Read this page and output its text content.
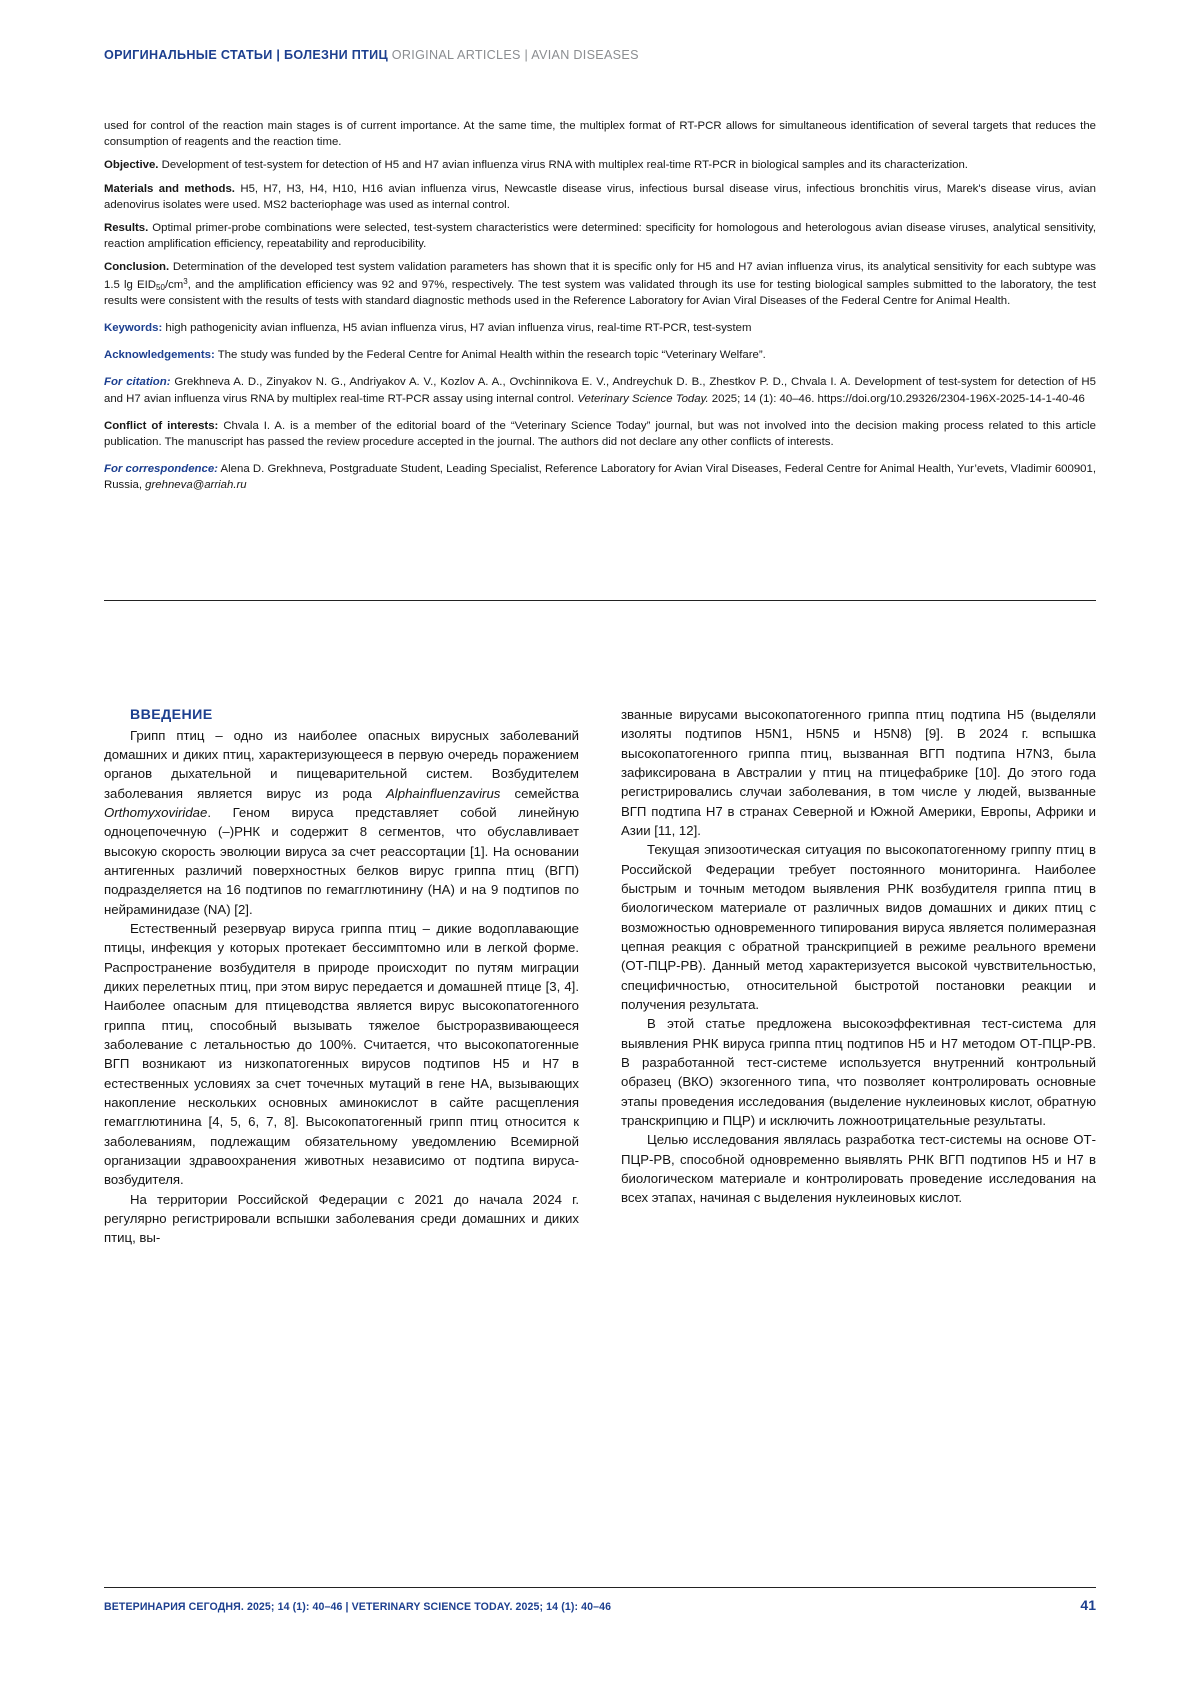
ОРИГИНАЛЬНЫЕ СТАТЬИ | БОЛЕЗНИ ПТИЦ ORIGINAL ARTICLES | AVIAN DISEASES

used for control of the reaction main stages is of current importance. At the same time, the multiplex format of RT-PCR allows for simultaneous identification of several targets that reduces the consumption of reagents and the reaction time.

Objective. Development of test-system for detection of H5 and H7 avian influenza virus RNA with multiplex real-time RT-PCR in biological samples and its characterization.

Materials and methods. H5, H7, H3, H4, H10, H16 avian influenza virus, Newcastle disease virus, infectious bursal disease virus, infectious bronchitis virus, Marek's disease virus, avian adenovirus isolates were used. MS2 bacteriophage was used as internal control.

Results. Optimal primer-probe combinations were selected, test-system characteristics were determined: specificity for homologous and heterologous avian disease viruses, analytical sensitivity, reaction amplification efficiency, repeatability and reproducibility.

Conclusion. Determination of the developed test system validation parameters has shown that it is specific only for H5 and H7 avian influenza virus, its analytical sensitivity for each subtype was 1.5 $\lg EID_{50}/cm^3$, and the amplification efficiency was 92 and 97%, respectively. The test system was validated through its use for testing biological samples submitted to the laboratory, the test results were consistent with the results of tests with standard diagnostic methods used in the Reference Laboratory for Avian Viral Diseases of the Federal Centre for Animal Health.

Keywords: high pathogenicity avian influenza, H5 avian influenza virus, H7 avian influenza virus, real-time RT-PCR, test-system

Acknowledgements: The study was funded by the Federal Centre for Animal Health within the research topic “Veterinary Welfare”.

For citation: Grekhneva A. D., Zinyakov N. G., Andriyakov A. V., Kozlov A. A., Ovchinnikova E. V., Andreychuk D. B., Zhestkov P. D., Chvala I. A. Development of test-system for detection of H5 and H7 avian influenza virus RNA by multiplex real-time RT-PCR assay using internal control. Veterinary Science Today. 2025; 14 (1): 40–46. https://doi.org/10.29326/2304-196X-2025-14-1-40-46

Conflict of interests: Chvala I. A. is a member of the editorial board of the “Veterinary Science Today” journal, but was not involved into the decision making process related to this article publication. The manuscript has passed the review procedure accepted in the journal. The authors did not declare any other conflicts of interests.

For correspondence: Alena D. Grekhneva, Postgraduate Student, Leading Specialist, Reference Laboratory for Avian Viral Diseases, Federal Centre for Animal Health, Yur’evets, Vladimir 600901, Russia, grehneva@arriah.ru

ВВЕДЕНИЕ

Грипп птиц – одно из наиболее опасных вирусных заболеваний домашних и диких птиц, характеризующееся в первую очередь поражением органов дыхательной и пищеварительной систем. Возбудителем заболевания является вирус из рода Alphainfluenzavirus семейства Orthomyxoviridae. Геном вируса представляет собой линейную одноцепочечную (–)РНК и содержит 8 сегментов, что обуславливает высокую скорость эволюции вируса за счет реассортации [1]. На основании антигенных различий поверхностных белков вирус гриппа птиц (ВГП) подразделяется на 16 подтипов по гемагглютинину (HA) и на 9 подтипов по нейраминидазе (NA) [2].

Естественный резервуар вируса гриппа птиц – дикие водоплавающие птицы, инфекция у которых протекает бессимптомно или в легкой форме. Распространение возбудителя в природе происходит по путям миграции диких перелетных птиц, при этом вирус передается и домашней птице [3, 4]. Наиболее опасным для птицеводства является вирус высокопатогенного гриппа птиц, способный вызывать тяжелое быстроразвивающееся заболевание с летальностью до 100%. Считается, что высокопатогенные ВГП возникают из низкопатогенных вирусов подтипов H5 и H7 в естественных условиях за счет точечных мутаций в гене HA, вызывающих накопление нескольких основных аминокислот в сайте расщепления гемагглютинина [4, 5, 6, 7, 8]. Высокопатогенный грипп птиц относится к заболеваниям, подлежащим обязательному уведомлению Всемирной организации здравоохранения животных независимо от подтипа вируса-возбудителя.

На территории Российской Федерации с 2021 до начала 2024 г. регулярно регистрировали вспышки заболевания среди домашних и диких птиц, вы-

званные вирусами высокопатогенного гриппа птиц подтипа H5 (выделяли изоляты подтипов H5N1, H5N5 и H5N8) [9]. В 2024 г. вспышка высокопатогенного гриппа птиц, вызванная ВГП подтипа H7N3, была зафиксирована в Австралии у птиц на птицефабрике [10]. До этого года регистрировались случаи заболевания, в том числе у людей, вызванные ВГП подтипа H7 в странах Северной и Южной Америки, Европы, Африки и Азии [11, 12].

Текущая эпизоотическая ситуация по высокопатогенному гриппу птиц в Российской Федерации требует постоянного мониторинга. Наиболее быстрым и точным методом выявления РНК возбудителя гриппа птиц в биологическом материале от различных видов домашних и диких птиц с возможностью одновременного типирования вируса является полимеразная цепная реакция с обратной транскрипцией в режиме реального времени (ОТ-ПЦР-РВ). Данный метод характеризуется высокой чувствительностью, специфичностью, относительной быстротой постановки реакции и получения результата.

В этой статье предложена высокоэффективная тест-система для выявления РНК вируса гриппа птиц подтипов H5 и H7 методом ОТ-ПЦР-РВ. В разработанной тест-системе используется внутренний контрольный образец (ВКО) экзогенного типа, что позволяет контролировать основные этапы проведения исследования (выделение нуклеиновых кислот, обратную транскрипцию и ПЦР) и исключить ложноотрицательные результаты.

Целью исследования являлась разработка тест-системы на основе ОТ-ПЦР-РВ, способной одновременно выявлять РНК ВГП подтипов H5 и H7 в биологическом материале и контролировать проведение исследования на всех этапах, начиная с выделения нуклеиновых кислот.

ВЕТЕРИНАРИЯ СЕГОДНЯ. 2025; 14 (1): 40–46 | VETERINARY SCIENCE TODAY. 2025; 14 (1): 40–46	41
